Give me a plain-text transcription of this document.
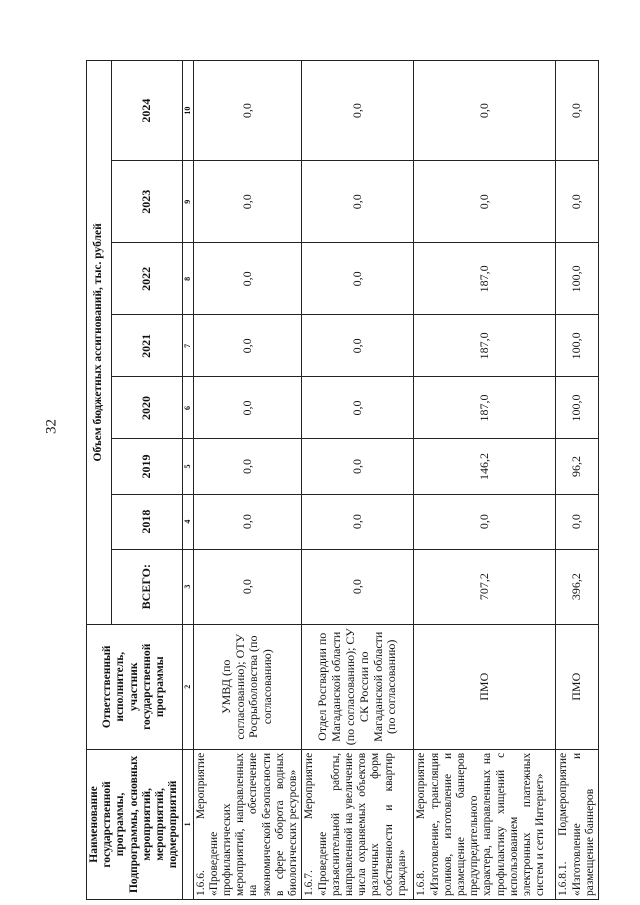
32
Наименование государственной программы, Подпрограммы, основных мероприятий, мероприятий, подмероприятий	Ответственный исполнитель, участник государственной программы	Объем бюджетных ассигнований, тыс. рублей							
		ВСЕГО:	2018	2019	2020	2021	2022	2023	2024
1	2	3	4	5	6	7	8	9	10
1.6.6. Мероприятие «Проведение профилактических мероприятий, направленных на обеспечение экономической безопасности в сфере оборота водных биологических ресурсов»	УМВД (по согласованию); ОТУ Росрыболовства (по согласованию)	0,0	0,0	0,0	0,0	0,0	0,0	0,0	0,0
1.6.7. Мероприятие «Проведение разъяснительной работы, направленной на увеличение числа охраняемых объектов различных форм собственности и квартир граждан»	Отдел Росгвардии по Магаданской области (по согласованию); СУ СК России по Магаданской области (по согласованию)	0,0	0,0	0,0	0,0	0,0	0,0	0,0	0,0
1.6.8. Мероприятие «Изготовление, трансляция роликов, изготовление и размещение баннеров предупредительного характера, направленных на профилактику хищений с использованием электронных платежных систем и сети Интернет»	ПМО	707,2	0,0	146,2	187,0	187,0	187,0	0,0	0,0
1.6.8.1. Подмероприятие «Изготовление и размещение баннеров	ПМО	396,2	0,0	96,2	100,0	100,0	100,0	0,0	0,0
